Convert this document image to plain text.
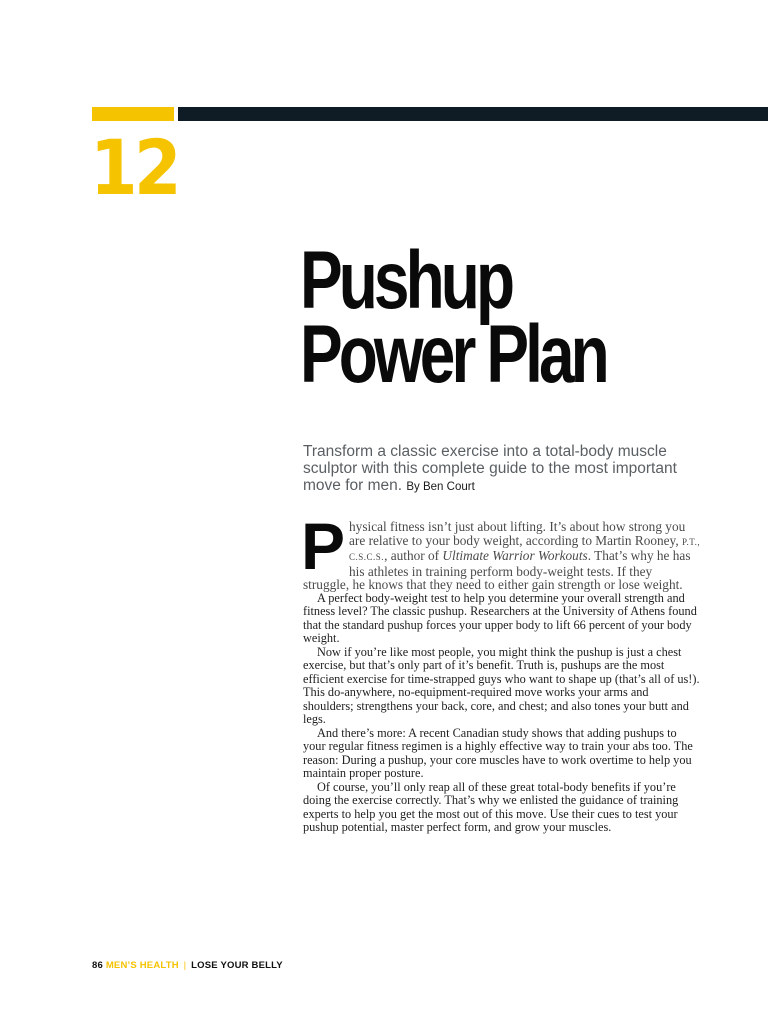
12
Pushup
Power Plan

Transform a classic exercise into a total-body muscle sculptor with this complete guide to the most important move for men. By Ben Court

Physical fitness isn’t just about lifting. It’s about how strong you are relative to your body weight, according to Martin Rooney, P.T., C.S.C.S., author of Ultimate Warrior Workouts. That’s why he has his athletes in training perform body-weight tests. If they struggle, he knows that they need to either gain strength or lose weight.

A perfect body-weight test to help you determine your overall strength and fitness level? The classic pushup. Researchers at the University of Athens found that the standard pushup forces your upper body to lift 66 percent of your body weight.

Now if you’re like most people, you might think the pushup is just a chest exercise, but that’s only part of it’s benefit. Truth is, pushups are the most efficient exercise for time-strapped guys who want to shape up (that’s all of us!). This do-anywhere, no-equipment-required move works your arms and shoulders; strengthens your back, core, and chest; and also tones your butt and legs.

And there’s more: A recent Canadian study shows that adding pushups to your regular fitness regimen is a highly effective way to train your abs too. The reason: During a pushup, your core muscles have to work overtime to help you maintain proper posture.

Of course, you’ll only reap all of these great total-body benefits if you’re doing the exercise correctly. That’s why we enlisted the guidance of training experts to help you get the most out of this move. Use their cues to test your pushup potential, master perfect form, and grow your muscles.

86 MEN’S HEALTH | LOSE YOUR BELLY
